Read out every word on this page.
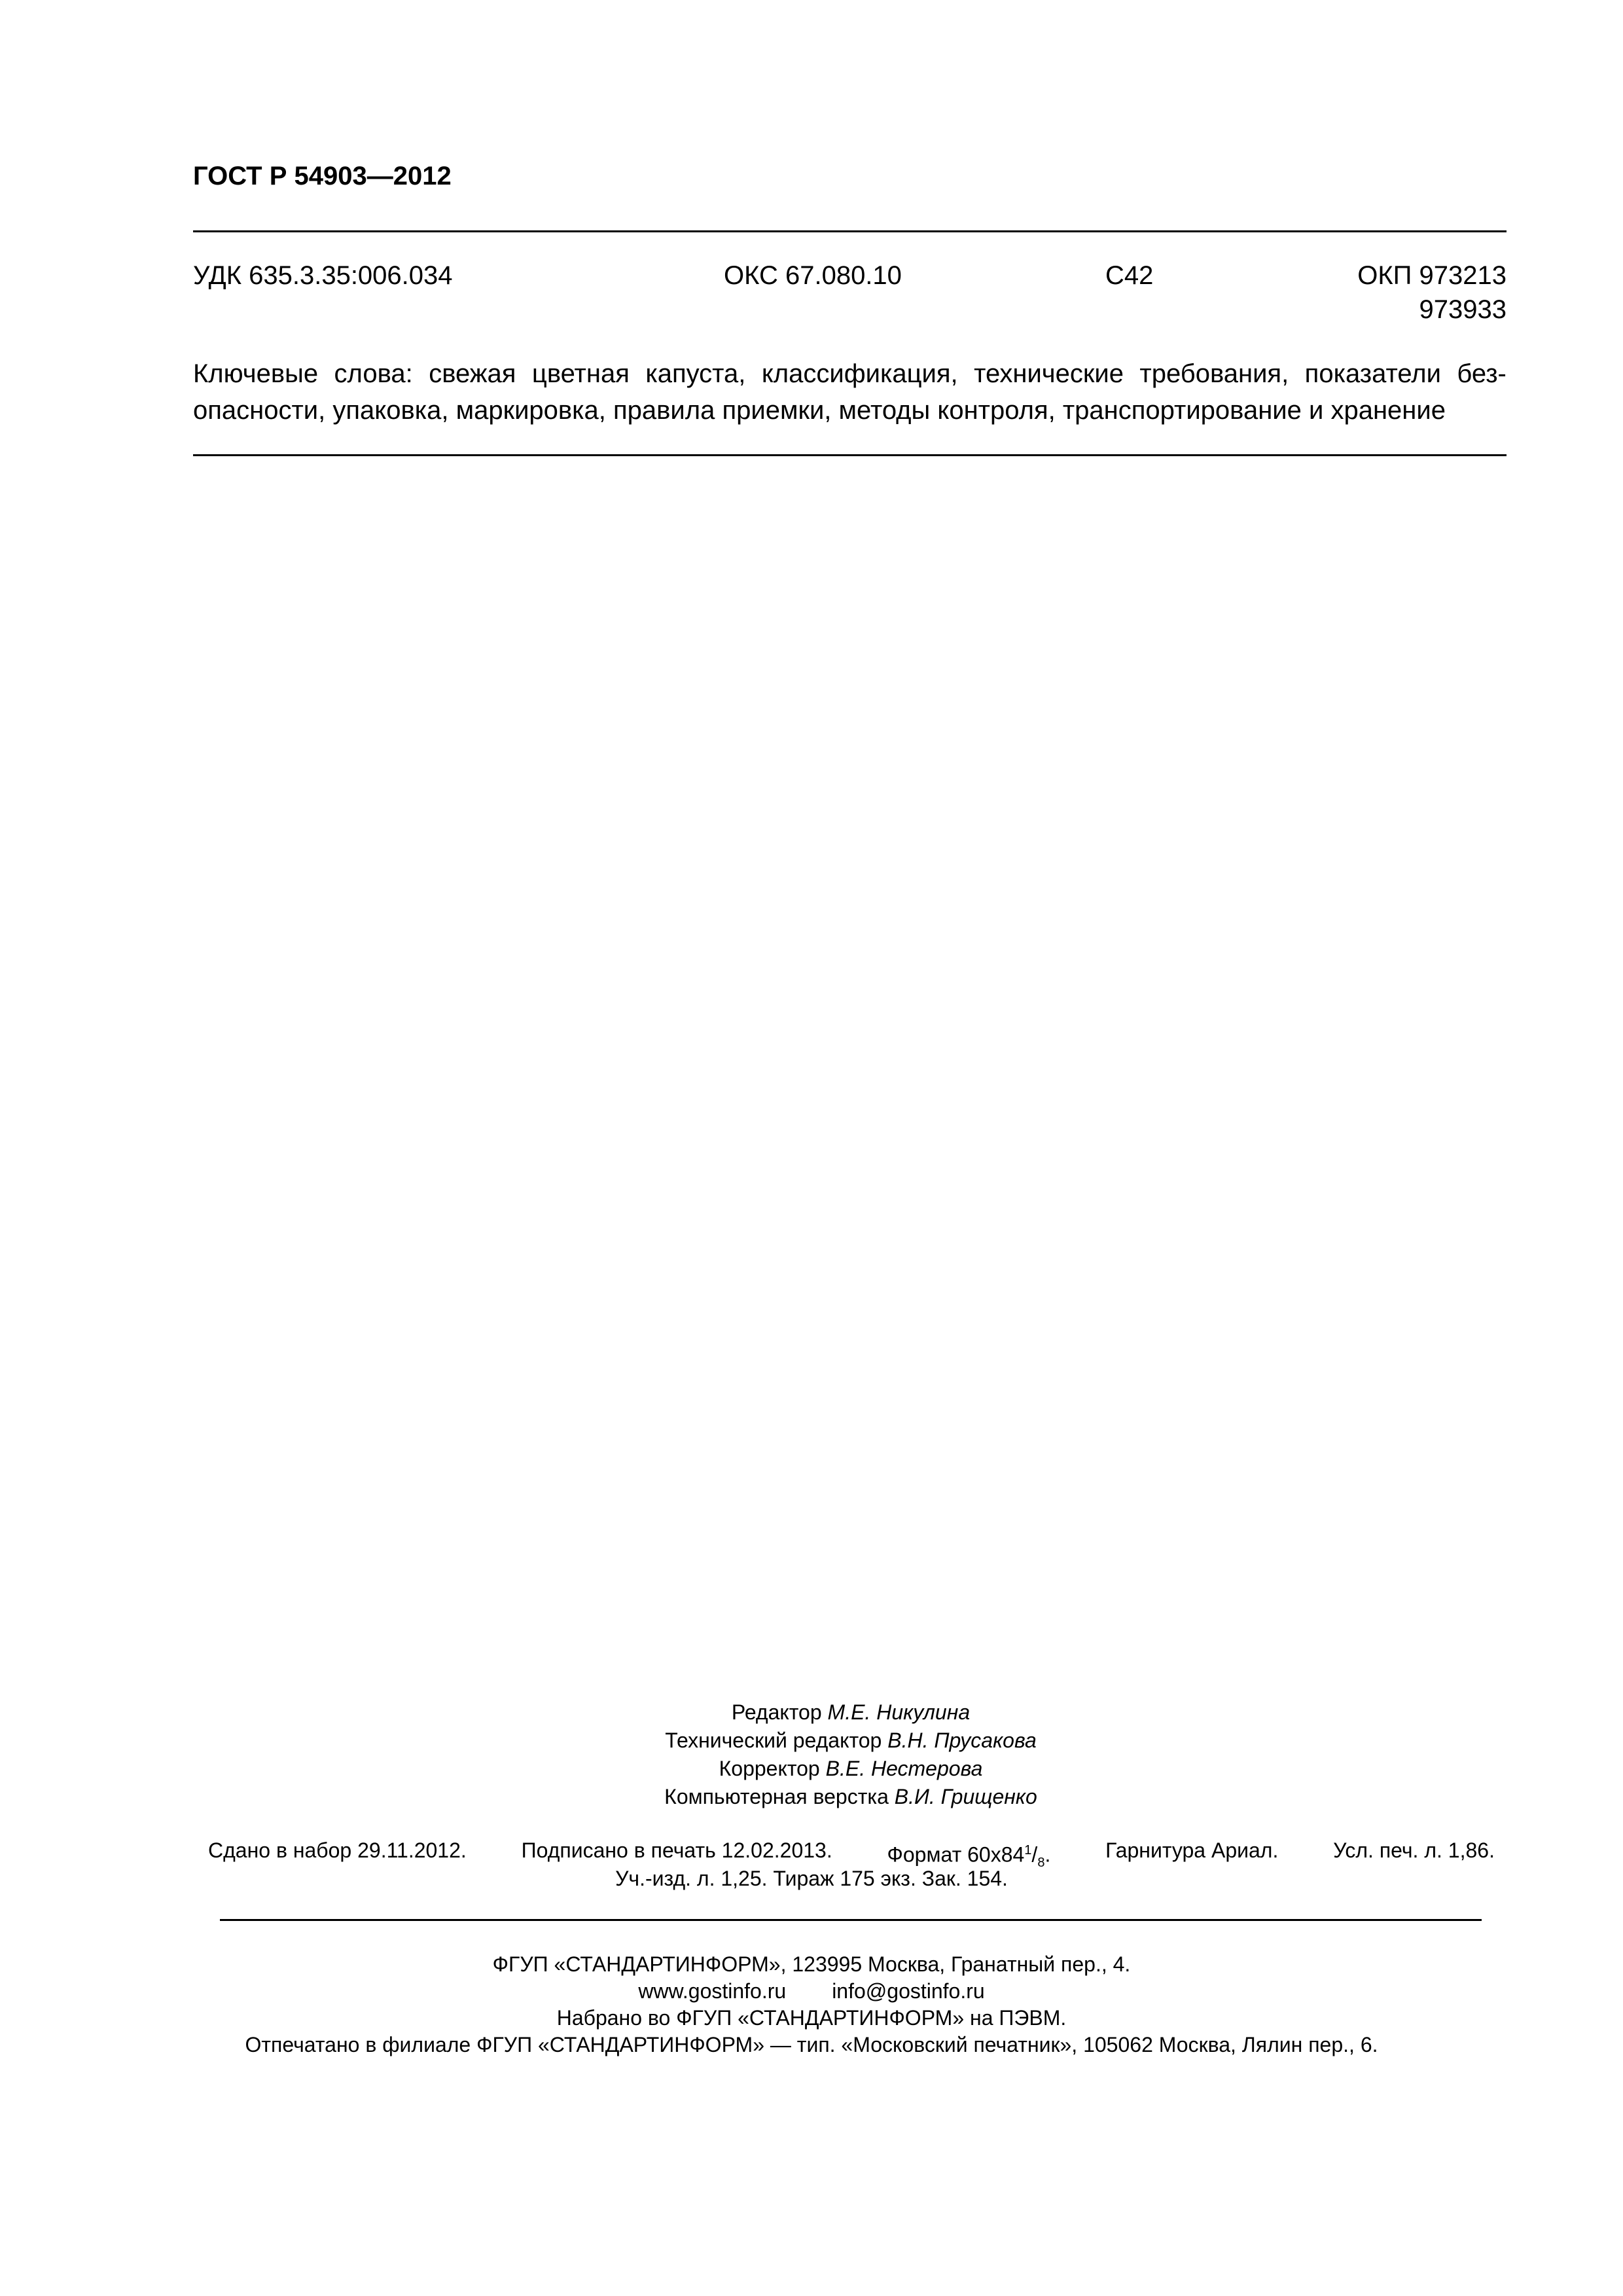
ГОСТ Р 54903—2012
УДК 635.3.35:006.034	ОКС 67.080.10	С42	ОКП 973213
973933
Ключевые слова: свежая цветная капуста, классификация, технические требования, показатели без-
опасности, упаковка, маркировка, правила приемки, методы контроля, транспортирование и хранение
Редактор М.Е. Никулина
Технический редактор В.Н. Прусакова
Корректор В.Е. Нестерова
Компьютерная верстка В.И. Грищенко
Сдано в набор 29.11.2012.	Подписано в печать 12.02.2013.	Формат $60x84^1/_8$.	Гарнитура Ариал.	Усл. печ. л. 1,86.
Уч.-изд. л. 1,25. Тираж 175 экз. Зак. 154.
ФГУП «СТАНДАРТИНФОРМ», 123995 Москва, Гранатный пер., 4.
www.gostinfo.ru info@gostinfo.ru
Набрано во ФГУП «СТАНДАРТИНФОРМ» на ПЭВМ.
Отпечатано в филиале ФГУП «СТАНДАРТИНФОРМ» — тип. «Московский печатник», 105062 Москва, Лялин пер., 6.
